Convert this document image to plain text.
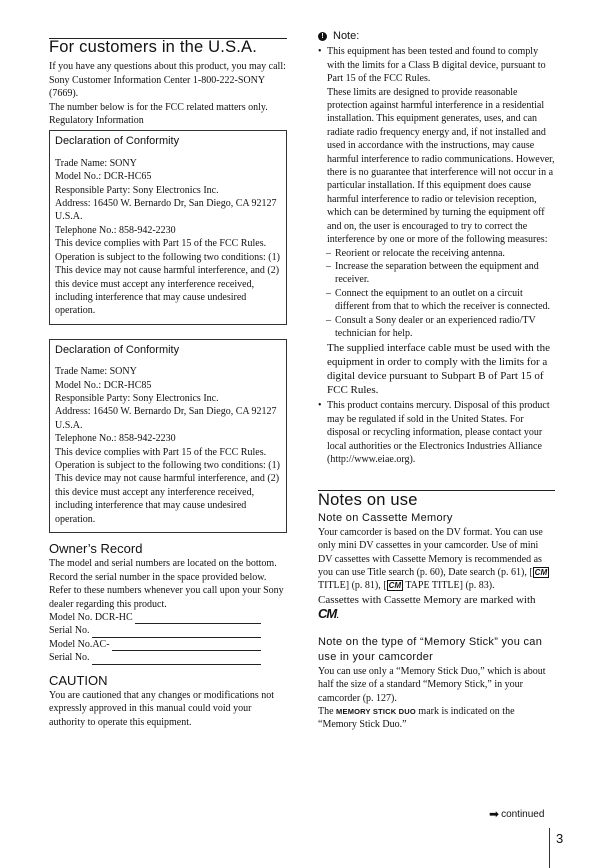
For customers in the U.S.A.

If you have any questions about this product, you may call:

Sony Customer Information Center 1-800-222-SONY (7669).

The number below is for the FCC related matters only.

Regulatory Information

Declaration of Conformity

Trade Name: SONY

Model No.: DCR-HC65

Responsible Party: Sony Electronics Inc.

Address: 16450 W. Bernardo Dr, San Diego, CA 92127 U.S.A.

Telephone No.: 858-942-2230

This device complies with Part 15 of the FCC Rules. Operation is subject to the following two conditions: (1) This device may not cause harmful interference, and (2) this device must accept any interference received, including interference that may cause undesired operation.

Declaration of Conformity

Trade Name: SONY

Model No.: DCR-HC85

Responsible Party: Sony Electronics Inc.

Address: 16450 W. Bernardo Dr, San Diego, CA 92127 U.S.A.

Telephone No.: 858-942-2230

This device complies with Part 15 of the FCC Rules. Operation is subject to the following two conditions: (1) This device may not cause harmful interference, and (2) this device must accept any interference received, including interference that may cause undesired operation.

Owner’s Record

The model and serial numbers are located on the bottom. Record the serial number in the space provided below. Refer to these numbers whenever you call upon your Sony dealer regarding this product.

Model No. DCR-HC
Serial No.
Model No.AC-
Serial No.
CAUTION

You are cautioned that any changes or modifications not expressly approved in this manual could void your authority to operate this equipment.

! Note:

• This equipment has been tested and found to comply with the limits for a Class B digital device, pursuant to Part 15 of the FCC Rules.

These limits are designed to provide reasonable protection against harmful interference in a residential installation. This equipment generates, uses, and can radiate radio frequency energy and, if not installed and used in accordance with the instructions, may cause harmful interference to radio communications. However, there is no guarantee that interference will not occur in a particular installation. If this equipment does cause harmful interference to radio or television reception, which can be determined by turning the equipment off and on, the user is encouraged to try to correct the interference by one or more of the following measures:

– Reorient or relocate the receiving antenna.
– Increase the separation between the equipment and receiver.
– Connect the equipment to an outlet on a circuit different from that to which the receiver is connected.
– Consult a Sony dealer or an experienced radio/TV technician for help.

The supplied interface cable must be used with the equipment in order to comply with the limits for a digital device pursuant to Subpart B of Part 15 of FCC Rules.

• This product contains mercury. Disposal of this product may be regulated if sold in the United States. For disposal or recycling information, please contact your local authorities or the Electronics Industries Alliance (http://www.eiae.org).

Notes on use
Note on Cassette Memory

Your camcorder is based on the DV format. You can use only mini DV cassettes in your camcorder. Use of mini DV cassettes with Cassette Memory is recommended as you can use Title search (p. 60), Date search (p. 61), [ CM TITLE] (p. 81), [ CM TAPE TITLE] (p. 83).

Cassettes with Cassette Memory are marked with CM.

Note on the type of “Memory Stick” you can use in your camcorder

You can use only a “Memory Stick Duo,” which is about half the size of a standard “Memory Stick,” in your camcorder (p. 127).

The MEMORY STICK DUO mark is indicated on the “Memory Stick Duo.”

➡ continued
3
